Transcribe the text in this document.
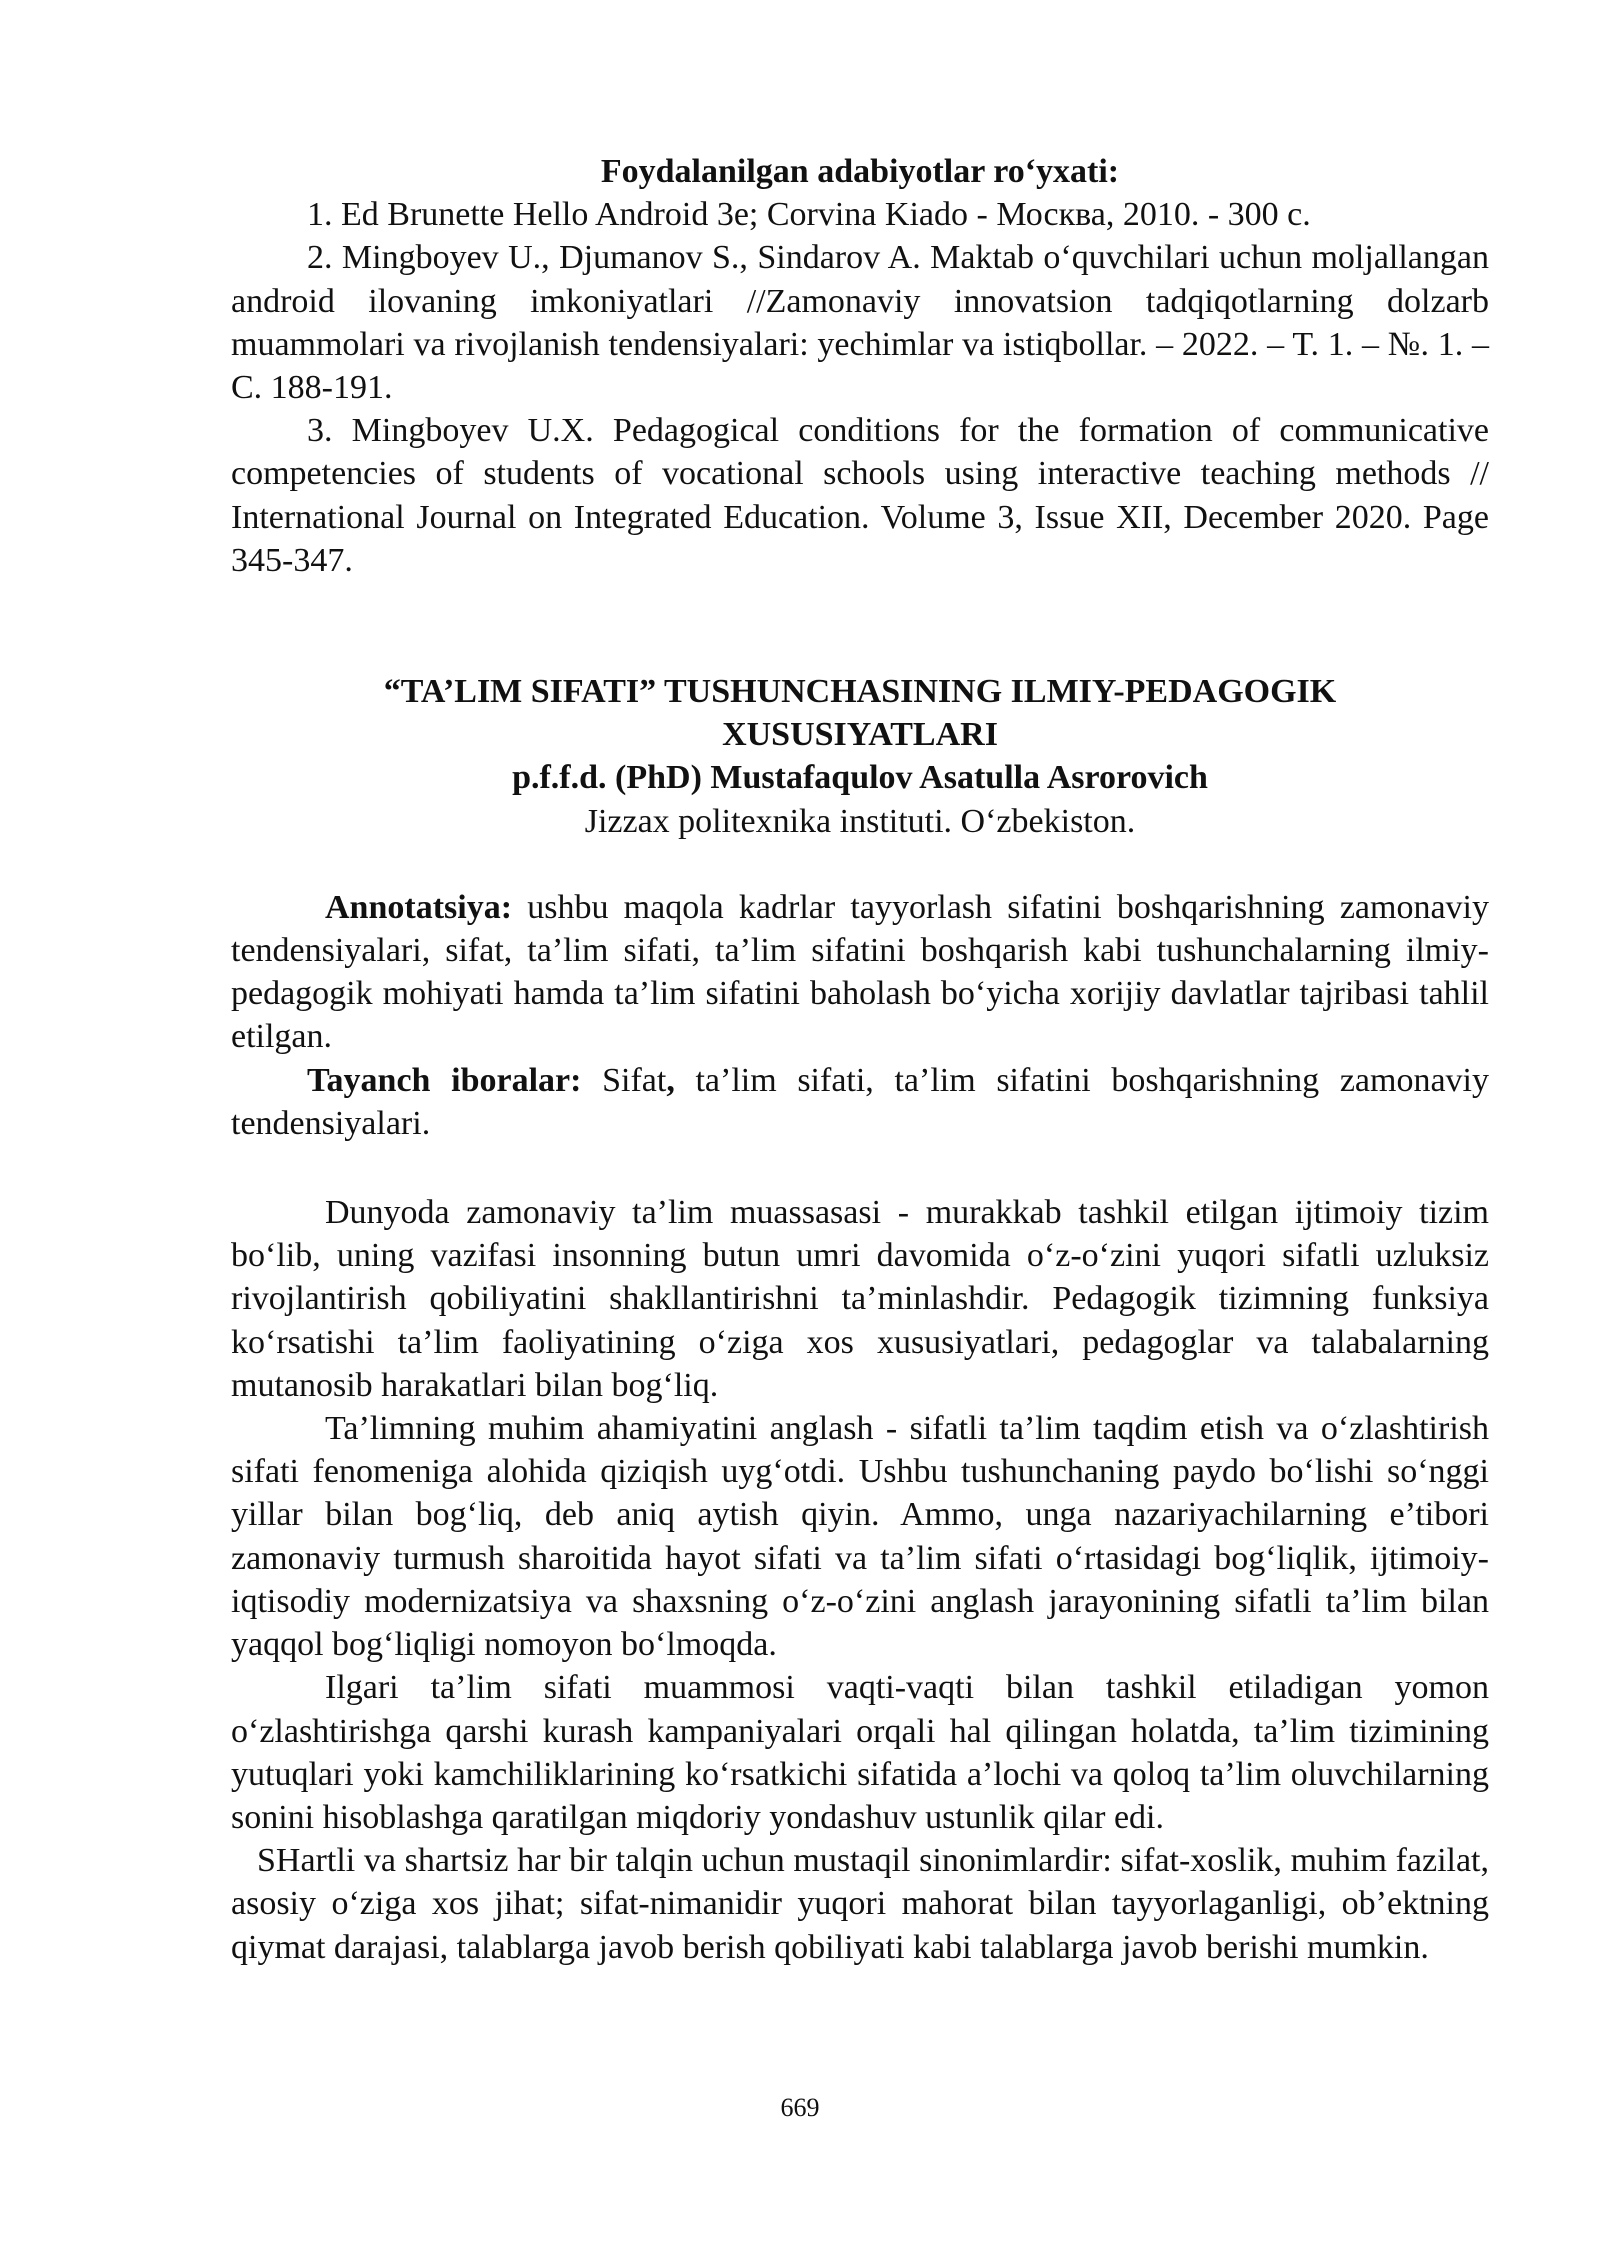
Foydalanilgan adabiyotlar ro‘yxati:

1. Ed Brunette Hello Android 3e; Corvina Kiado - Москва, 2010. - 300 с.

2. Mingboyev U., Djumanov S., Sindarov A. Maktab o‘quvchilari uchun moljallangan android ilovaning imkoniyatlari //Zamonaviy innovatsion tadqiqotlarning dolzarb muammolari va rivojlanish tendensiyalari: yechimlar va istiqbollar. – 2022. – T. 1. – №. 1. – C. 188-191.

3. Mingboyev U.X. Pedagogical conditions for the formation of communicative competencies of students of vocational schools using interactive teaching methods // International Journal on Integrated Education. Volume 3, Issue XII, December 2020. Page 345-347.

“TA’LIM SIFATI” TUSHUNCHASINING ILMIY-PEDAGOGIK

XUSUSIYATLARI

p.f.f.d. (PhD) Mustafaqulov Asatulla Asrorovich

Jizzax politexnika instituti. O‘zbekiston.

Annotatsiya: ushbu maqola kadrlar tayyorlash sifatini boshqarishning zamonaviy tendensiyalari, sifat, ta’lim sifati, ta’lim sifatini boshqarish kabi tushunchalarning ilmiy-pedagogik mohiyati hamda ta’lim sifatini baholash bo‘yicha xorijiy davlatlar tajribasi tahlil etilgan.

Tayanch iboralar: Sifat, ta’lim sifati, ta’lim sifatini boshqarishning zamonaviy tendensiyalari.

Dunyoda zamonaviy ta’lim muassasasi - murakkab tashkil etilgan ijtimoiy tizim bo‘lib, uning vazifasi insonning butun umri davomida o‘z-o‘zini yuqori sifatli uzluksiz rivojlantirish qobiliyatini shakllantirishni ta’minlashdir. Pedagogik tizimning funksiya ko‘rsatishi ta’lim faoliyatining o‘ziga xos xususiyatlari, pedagoglar va talabalarning mutanosib harakatlari bilan bog‘liq.

Ta’limning muhim ahamiyatini anglash - sifatli ta’lim taqdim etish va o‘zlashtirish sifati fenomeniga alohida qiziqish uyg‘otdi. Ushbu tushunchaning paydo bo‘lishi so‘nggi yillar bilan bog‘liq, deb aniq aytish qiyin. Ammo, unga nazariyachilarning e’tibori zamonaviy turmush sharoitida hayot sifati va ta’lim sifati o‘rtasidagi bog‘liqlik, ijtimoiy-iqtisodiy modernizatsiya va shaxsning o‘z-o‘zini anglash jarayonining sifatli ta’lim bilan yaqqol bog‘liqligi nomoyon bo‘lmoqda.

Ilgari ta’lim sifati muammosi vaqti-vaqti bilan tashkil etiladigan yomon o‘zlashtirishga qarshi kurash kampaniyalari orqali hal qilingan holatda, ta’lim tizimining yutuqlari yoki kamchiliklarining ko‘rsatkichi sifatida a’lochi va qoloq ta’lim oluvchilarning sonini hisoblashga qaratilgan miqdoriy yondashuv ustunlik qilar edi.

SHartli va shartsiz har bir talqin uchun mustaqil sinonimlardir: sifat-xoslik, muhim fazilat, asosiy o‘ziga xos jihat; sifat-nimanidir yuqori mahorat bilan tayyorlaganligi, ob’ektning qiymat darajasi, talablarga javob berish qobiliyati kabi talablarga javob berishi mumkin.

669
